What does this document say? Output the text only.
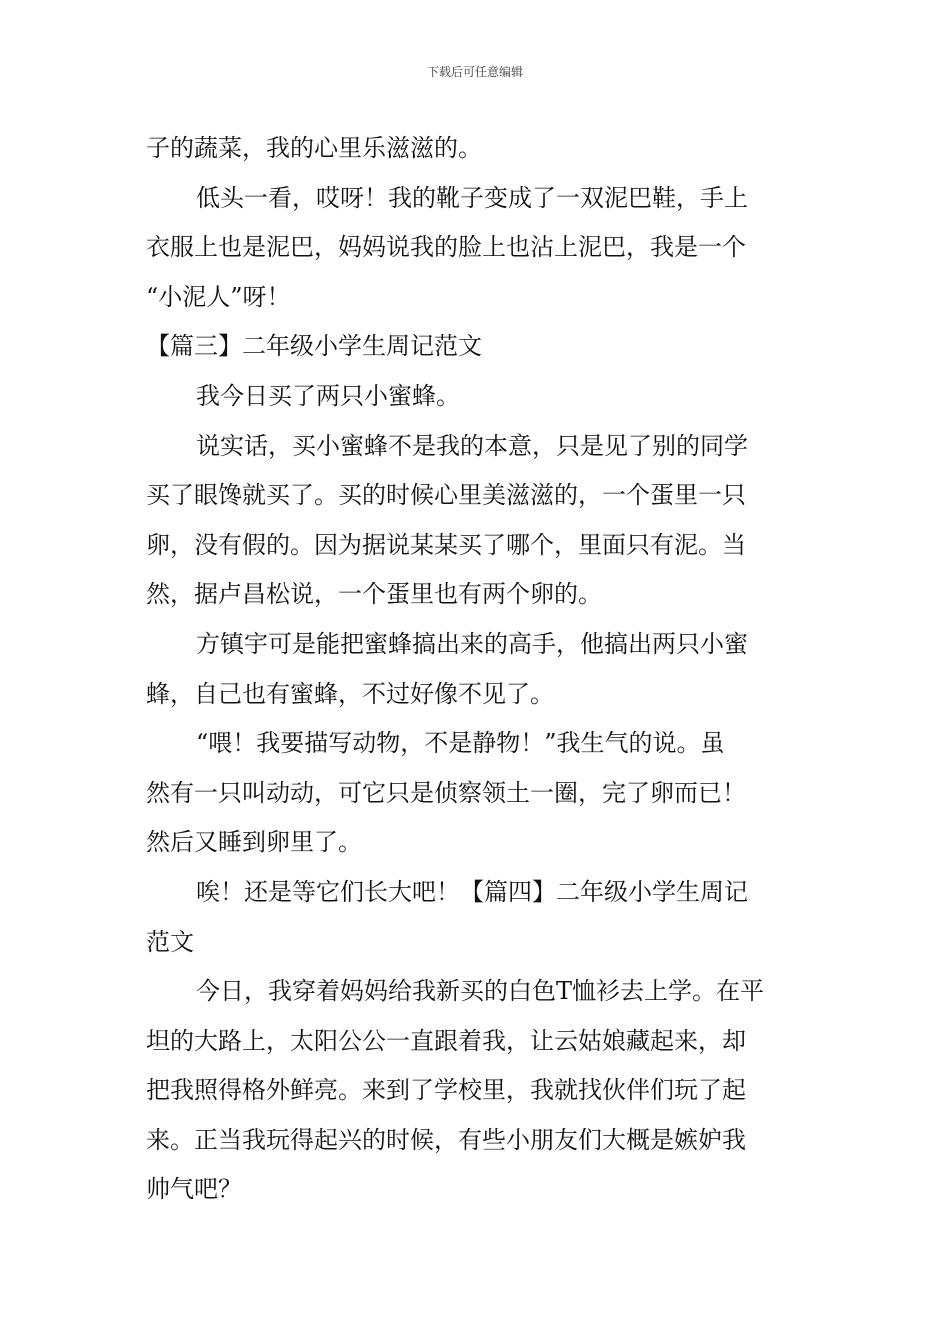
下载后可任意编辑
子的蔬菜，我的心里乐滋滋的。
低头一看，哎呀！我的靴子变成了一双泥巴鞋，手上
衣服上也是泥巴，妈妈说我的脸上也沾上泥巴，我是一个
“小泥人”呀！
【篇三】二年级小学生周记范文
我今日买了两只小蜜蜂。
说实话，买小蜜蜂不是我的本意，只是见了别的同学
买了眼馋就买了。买的时候心里美滋滋的，一个蛋里一只
卵，没有假的。因为据说某某买了哪个，里面只有泥。当
然，据卢昌松说，一个蛋里也有两个卵的。
方镇宇可是能把蜜蜂搞出来的高手，他搞出两只小蜜
蜂，自己也有蜜蜂，不过好像不见了。
“喂！我要描写动物，不是静物！”我生气的说。虽
然有一只叫动动，可它只是侦察领土一圈，完了卵而已！
然后又睡到卵里了。
唉！还是等它们长大吧！【篇四】二年级小学生周记
范文
今日，我穿着妈妈给我新买的白色T恤衫去上学。在平
坦的大路上，太阳公公一直跟着我，让云姑娘藏起来，却
把我照得格外鲜亮。来到了学校里，我就找伙伴们玩了起
来。正当我玩得起兴的时候，有些小朋友们大概是嫉妒我
帅气吧？
